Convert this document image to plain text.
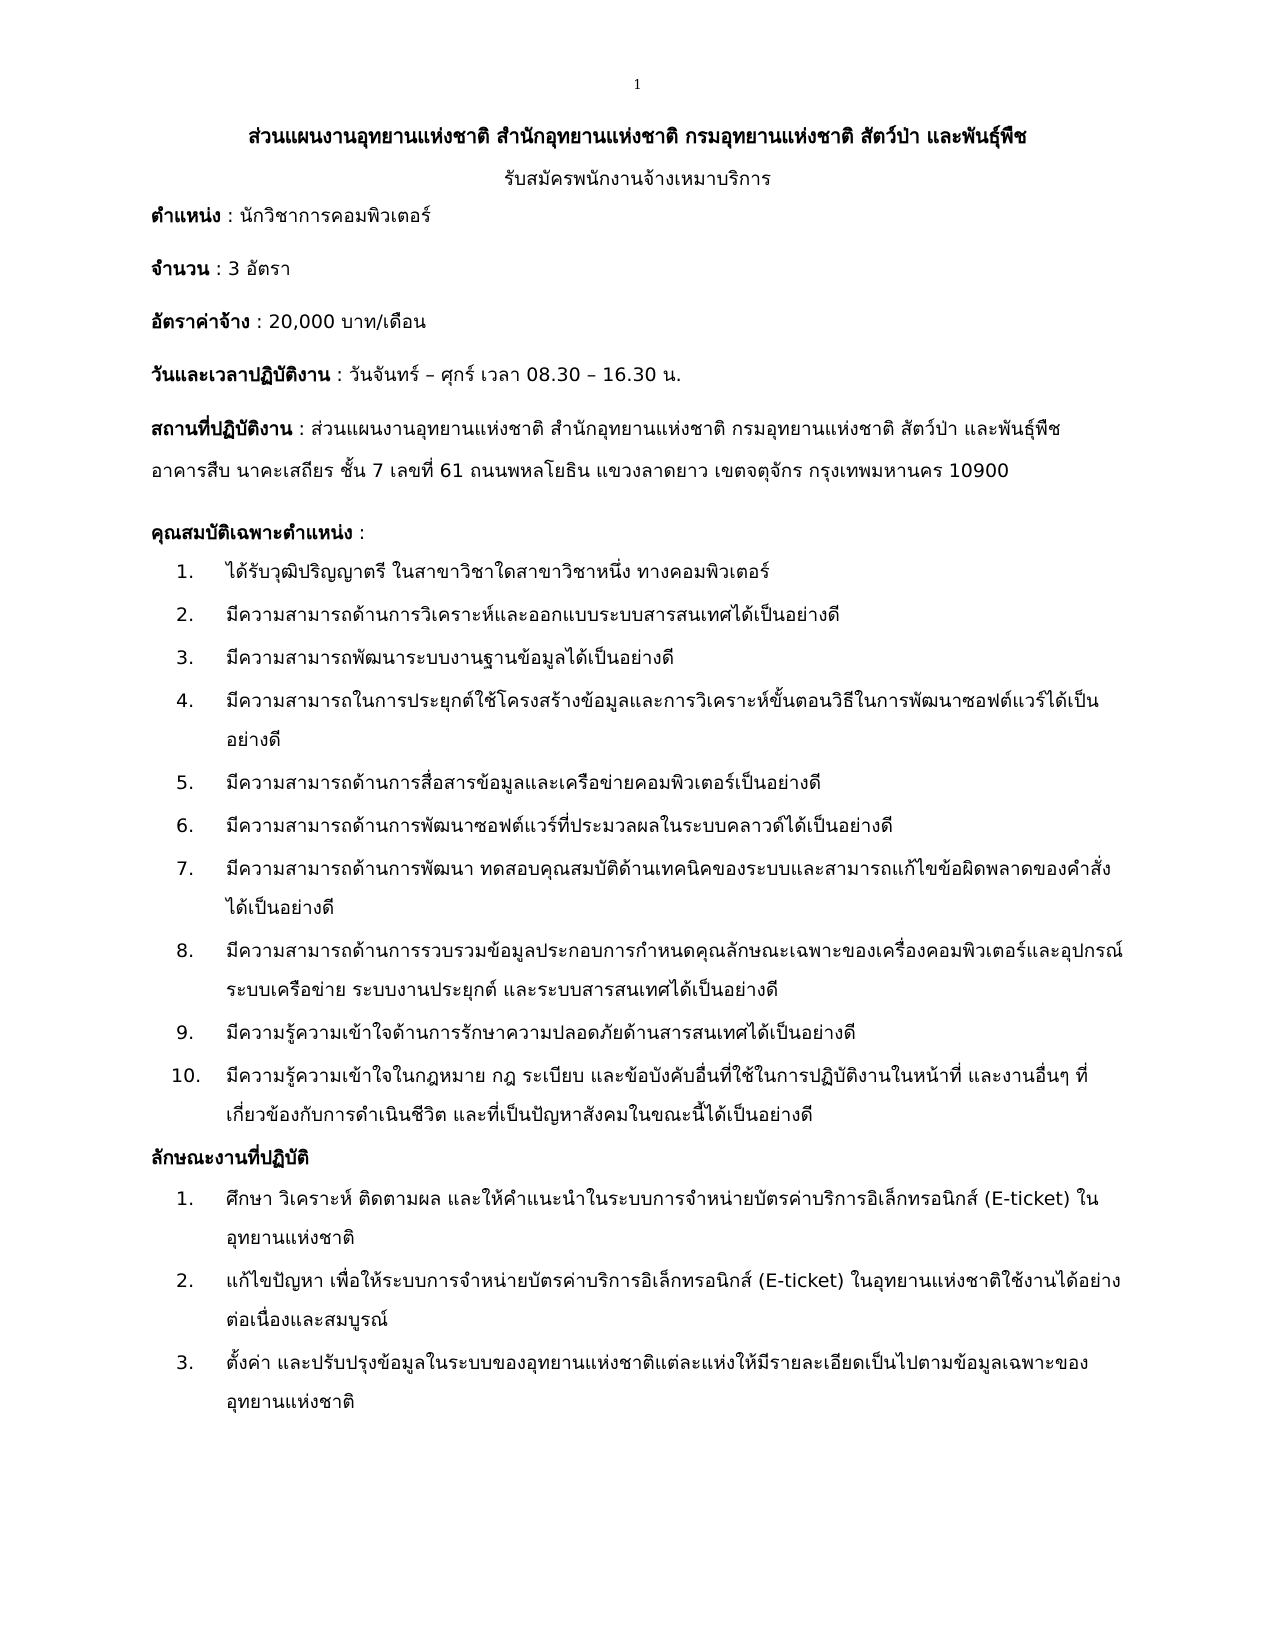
1
ส่วนแผนงานอุทยานแห่งชาติ สำนักอุทยานแห่งชาติ กรมอุทยานแห่งชาติ สัตว์ป่า และพันธุ์พืช
รับสมัครพนักงานจ้างเหมาบริการ
ตำแหน่ง : นักวิชาการคอมพิวเตอร์
จำนวน : 3 อัตรา
อัตราค่าจ้าง : 20,000 บาท/เดือน
วันและเวลาปฏิบัติงาน : วันจันทร์ – ศุกร์ เวลา 08.30 – 16.30 น.
สถานที่ปฏิบัติงาน : ส่วนแผนงานอุทยานแห่งชาติ สำนักอุทยานแห่งชาติ กรมอุทยานแห่งชาติ สัตว์ป่า และพันธุ์พืช
อาคารสืบ นาคะเสถียร ชั้น 7 เลขที่ 61 ถนนพหลโยธิน แขวงลาดยาว เขตจตุจักร กรุงเทพมหานคร 10900
คุณสมบัติเฉพาะตำแหน่ง :
1.	ได้รับวุฒิปริญญาตรี ในสาขาวิชาใดสาขาวิชาหนึ่ง ทางคอมพิวเตอร์
2.	มีความสามารถด้านการวิเคราะห์และออกแบบระบบสารสนเทศได้เป็นอย่างดี
3.	มีความสามารถพัฒนาระบบงานฐานข้อมูลได้เป็นอย่างดี
4.	มีความสามารถในการประยุกต์ใช้โครงสร้างข้อมูลและการวิเคราะห์ขั้นตอนวิธีในการพัฒนาซอฟต์แวร์ได้เป็นอย่างดี
5.	มีความสามารถด้านการสื่อสารข้อมูลและเครือข่ายคอมพิวเตอร์เป็นอย่างดี
6.	มีความสามารถด้านการพัฒนาซอฟต์แวร์ที่ประมวลผลในระบบคลาวด์ได้เป็นอย่างดี
7.	มีความสามารถด้านการพัฒนา ทดสอบคุณสมบัติด้านเทคนิคของระบบและสามารถแก้ไขข้อผิดพลาดของคำสั่งได้เป็นอย่างดี
8.	มีความสามารถด้านการรวบรวมข้อมูลประกอบการกำหนดคุณลักษณะเฉพาะของเครื่องคอมพิวเตอร์และอุปกรณ์ ระบบเครือข่าย ระบบงานประยุกต์ และระบบสารสนเทศได้เป็นอย่างดี
9.	มีความรู้ความเข้าใจด้านการรักษาความปลอดภัยด้านสารสนเทศได้เป็นอย่างดี
10.	มีความรู้ความเข้าใจในกฎหมาย กฎ ระเบียบ และข้อบังคับอื่นที่ใช้ในการปฏิบัติงานในหน้าที่ และงานอื่นๆ ที่เกี่ยวข้องกับการดำเนินชีวิต และที่เป็นปัญหาสังคมในขณะนี้ได้เป็นอย่างดี
ลักษณะงานที่ปฏิบัติ
1.	ศึกษา วิเคราะห์ ติดตามผล และให้คำแนะนำในระบบการจำหน่ายบัตรค่าบริการอิเล็กทรอนิกส์ (E-ticket) ในอุทยานแห่งชาติ
2.	แก้ไขปัญหา เพื่อให้ระบบการจำหน่ายบัตรค่าบริการอิเล็กทรอนิกส์ (E-ticket) ในอุทยานแห่งชาติใช้งานได้อย่างต่อเนื่องและสมบูรณ์
3.	ตั้งค่า และปรับปรุงข้อมูลในระบบของอุทยานแห่งชาติแต่ละแห่งให้มีรายละเอียดเป็นไปตามข้อมูลเฉพาะของอุทยานแห่งชาติ
